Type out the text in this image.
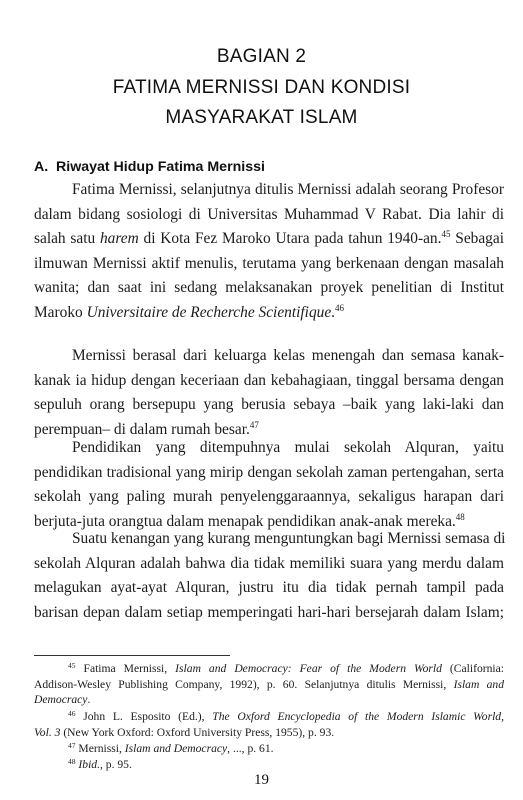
BAGIAN 2
FATIMA MERNISSI DAN KONDISI
MASYARAKAT ISLAM
A. Riwayat Hidup Fatima Mernissi
Fatima Mernissi, selanjutnya ditulis Mernissi adalah seorang Profesor
dalam bidang sosiologi di Universitas Muhammad V Rabat. Dia lahir di
salah satu harem di Kota Fez Maroko Utara pada tahun 1940-an.$^{45}$ Sebagai
ilmuwan Mernissi aktif menulis, terutama yang berkenaan dengan masalah
wanita; dan saat ini sedang melaksanakan proyek penelitian di Institut
Maroko Universitaire de Recherche Scientifique.$^{46}$
Mernissi berasal dari keluarga kelas menengah dan semasa kanak-
kanak ia hidup dengan keceriaan dan kebahagiaan, tinggal bersama dengan
sepuluh orang bersepupu yang berusia sebaya –baik yang laki-laki dan
perempuan– di dalam rumah besar.$^{47}$
Pendidikan yang ditempuhnya mulai sekolah Alquran, yaitu
pendidikan tradisional yang mirip dengan sekolah zaman pertengahan, serta
sekolah yang paling murah penyelenggaraannya, sekaligus harapan dari
berjuta-juta orangtua dalam menapak pendidikan anak-anak mereka.$^{48}$
Suatu kenangan yang kurang menguntungkan bagi Mernissi semasa di
sekolah Alquran adalah bahwa dia tidak memiliki suara yang merdu dalam
melagukan ayat-ayat Alquran, justru itu dia tidak pernah tampil pada
barisan depan dalam setiap memperingati hari-hari bersejarah dalam Islam;
$^{45}$ Fatima Mernissi, Islam and Democracy: Fear of the Modern World (California:
Addison-Wesley Publishing Company, 1992), p. 60. Selanjutnya ditulis Mernissi, Islam and
Democracy.
$^{46}$ John L. Esposito (Ed.), The Oxford Encyclopedia of the Modern Islamic World,
Vol. 3 (New York Oxford: Oxford University Press, 1955), p. 93.
$^{47}$ Mernissi, Islam and Democracy, ..., p. 61.
$^{48}$ Ibid., p. 95.
19
